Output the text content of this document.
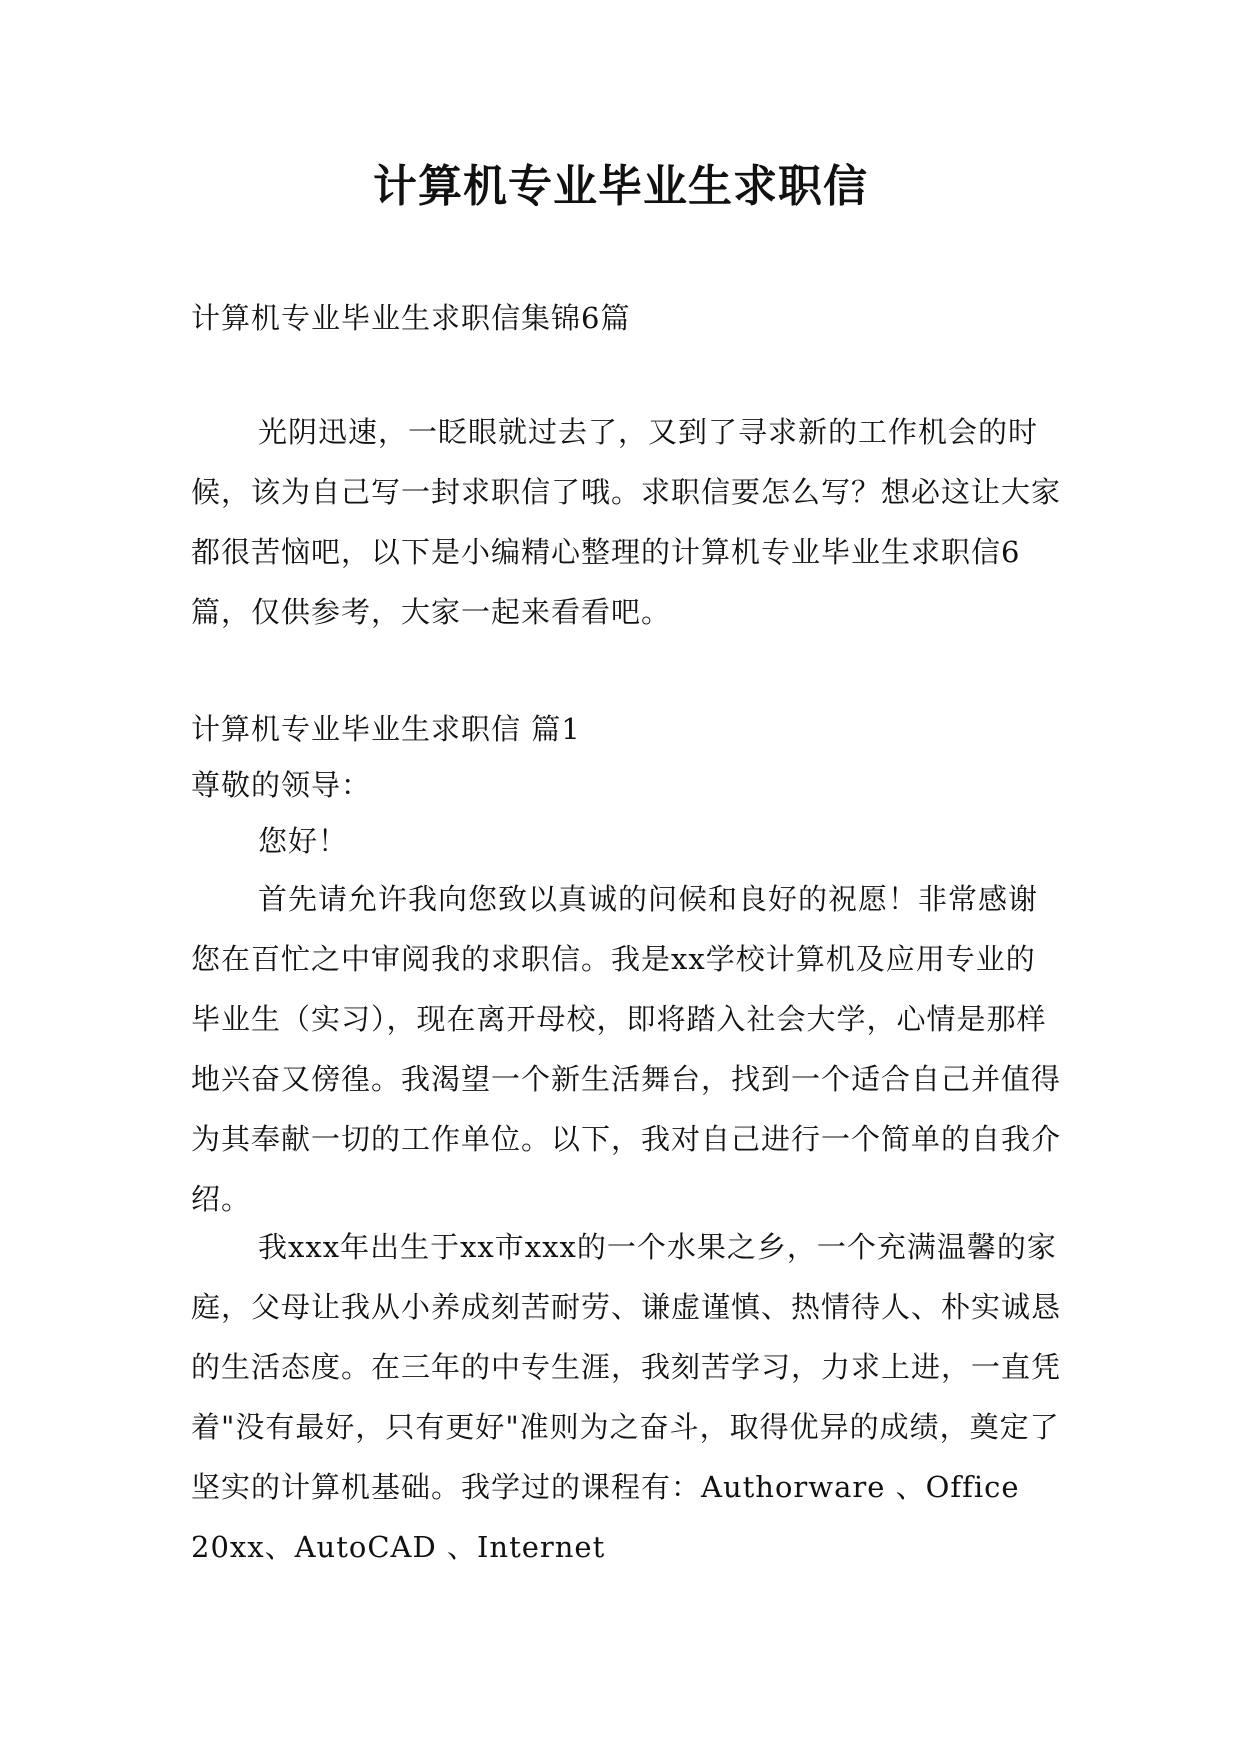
计算机专业毕业生求职信

计算机专业毕业生求职信集锦6篇

光阴迅速，一眨眼就过去了，又到了寻求新的工作机会的时候，该为自己写一封求职信了哦。求职信要怎么写？想必这让大家都很苦恼吧，以下是小编精心整理的计算机专业毕业生求职信6篇，仅供参考，大家一起来看看吧。

计算机专业毕业生求职信 篇1

尊敬的领导：

您好！

首先请允许我向您致以真诚的问候和良好的祝愿！非常感谢您在百忙之中审阅我的求职信。我是xx学校计算机及应用专业的毕业生（实习），现在离开母校，即将踏入社会大学，心情是那样地兴奋又傍徨。我渴望一个新生活舞台，找到一个适合自己并值得为其奉献一切的工作单位。以下，我对自己进行一个简单的自我介绍。

我xxx年出生于xx市xxx的一个水果之乡，一个充满温馨的家庭，父母让我从小养成刻苦耐劳、谦虚谨慎、热情待人、朴实诚恳的生活态度。在三年的中专生涯，我刻苦学习，力求上进，一直凭着"没有最好，只有更好"准则为之奋斗，取得优异的成绩，奠定了坚实的计算机基础。我学过的课程有：Authorware 、Office 20xx、AutoCAD 、Internet
